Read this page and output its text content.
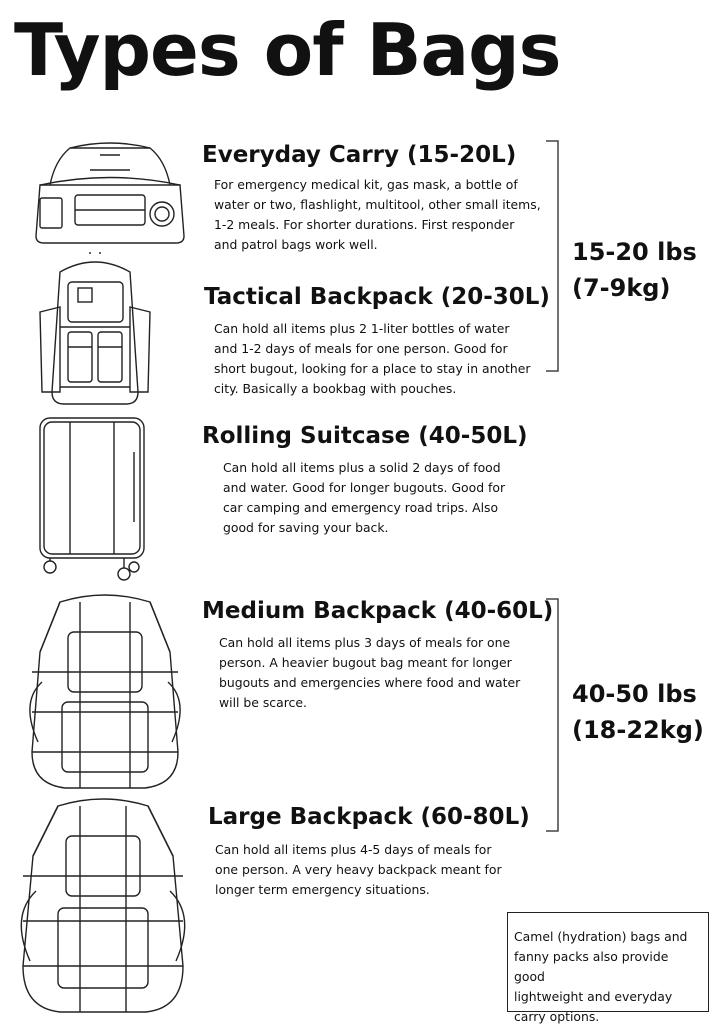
Types of Bags
Everyday Carry (15-20L)
For emergency medical kit, gas mask, a bottle of
water or two, flashlight, multitool, other small items,
1-2 meals. For shorter durations. First responder
and patrol bags work well.
Tactical Backpack (20-30L)
Can hold all items plus 2 1-liter bottles of water
and 1-2 days of meals for one person. Good for
short bugout, looking for a place to stay in another
city. Basically a bookbag with pouches.
15-20 lbs
(7-9kg)
Rolling Suitcase (40-50L)
Can hold all items plus a solid 2 days of food
and water. Good for longer bugouts. Good for
car camping and emergency road trips. Also
good for saving your back.
Medium Backpack (40-60L)
Can hold all items plus 3 days of meals for one
person. A heavier bugout bag meant for longer
bugouts and emergencies where food and water
will be scarce.
Large Backpack (60-80L)
Can hold all items plus 4-5 days of meals for
one person. A very heavy backpack meant for
longer term emergency situations.
40-50 lbs
(18-22kg)
Camel (hydration) bags and
fanny packs also provide good
lightweight and everyday
carry options.
